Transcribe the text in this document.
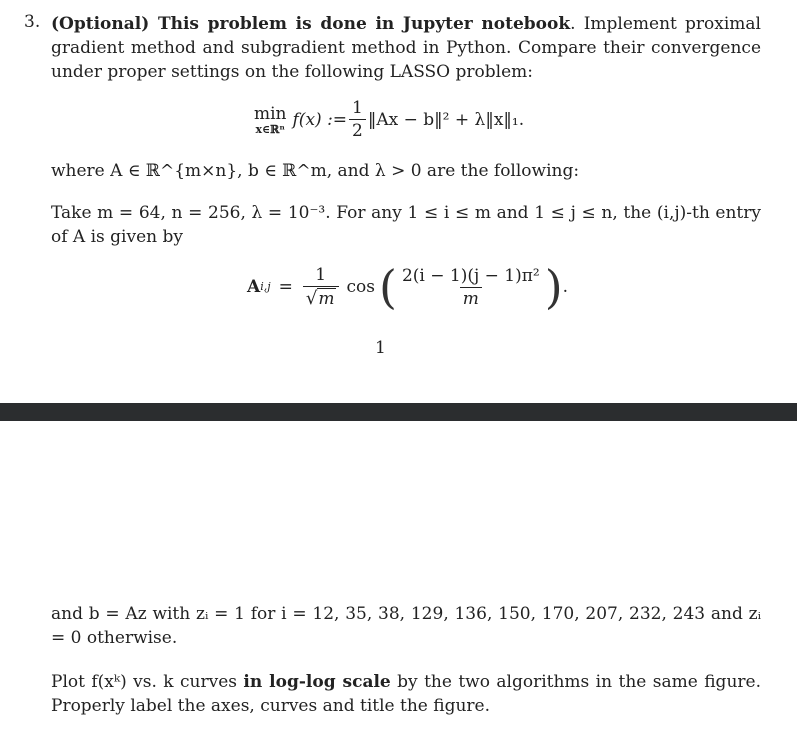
3. (Optional) This problem is done in Jupyter notebook. Implement proximal gradient method and subgradient method in Python. Compare their convergence under proper settings on the following LASSO problem:
min
x∈ℝⁿ f(x) := $\frac{1}{2}$ ‖Ax − b‖² + λ‖x‖₁.
where A ∈ ℝ^{m×n}, b ∈ ℝ^m, and λ > 0 are the following:
Take m = 64, n = 256, λ = 10⁻³. For any 1 ≤ i ≤ m and 1 ≤ j ≤ n, the (i,j)-th entry of A is given by
A $i,j = \frac{1}{√ m}$ cos ( $\frac{\text{2(i − 1)(j − 1)π²}}{m}$ ) .
1
and b = Az with zᵢ = 1 for i = 12, 35, 38, 129, 136, 150, 170, 207, 232, 243 and zᵢ = 0 otherwise.
Plot f(xᵏ) vs. k curves in log-log scale by the two algorithms in the same figure. Properly label the axes, curves and title the figure.
